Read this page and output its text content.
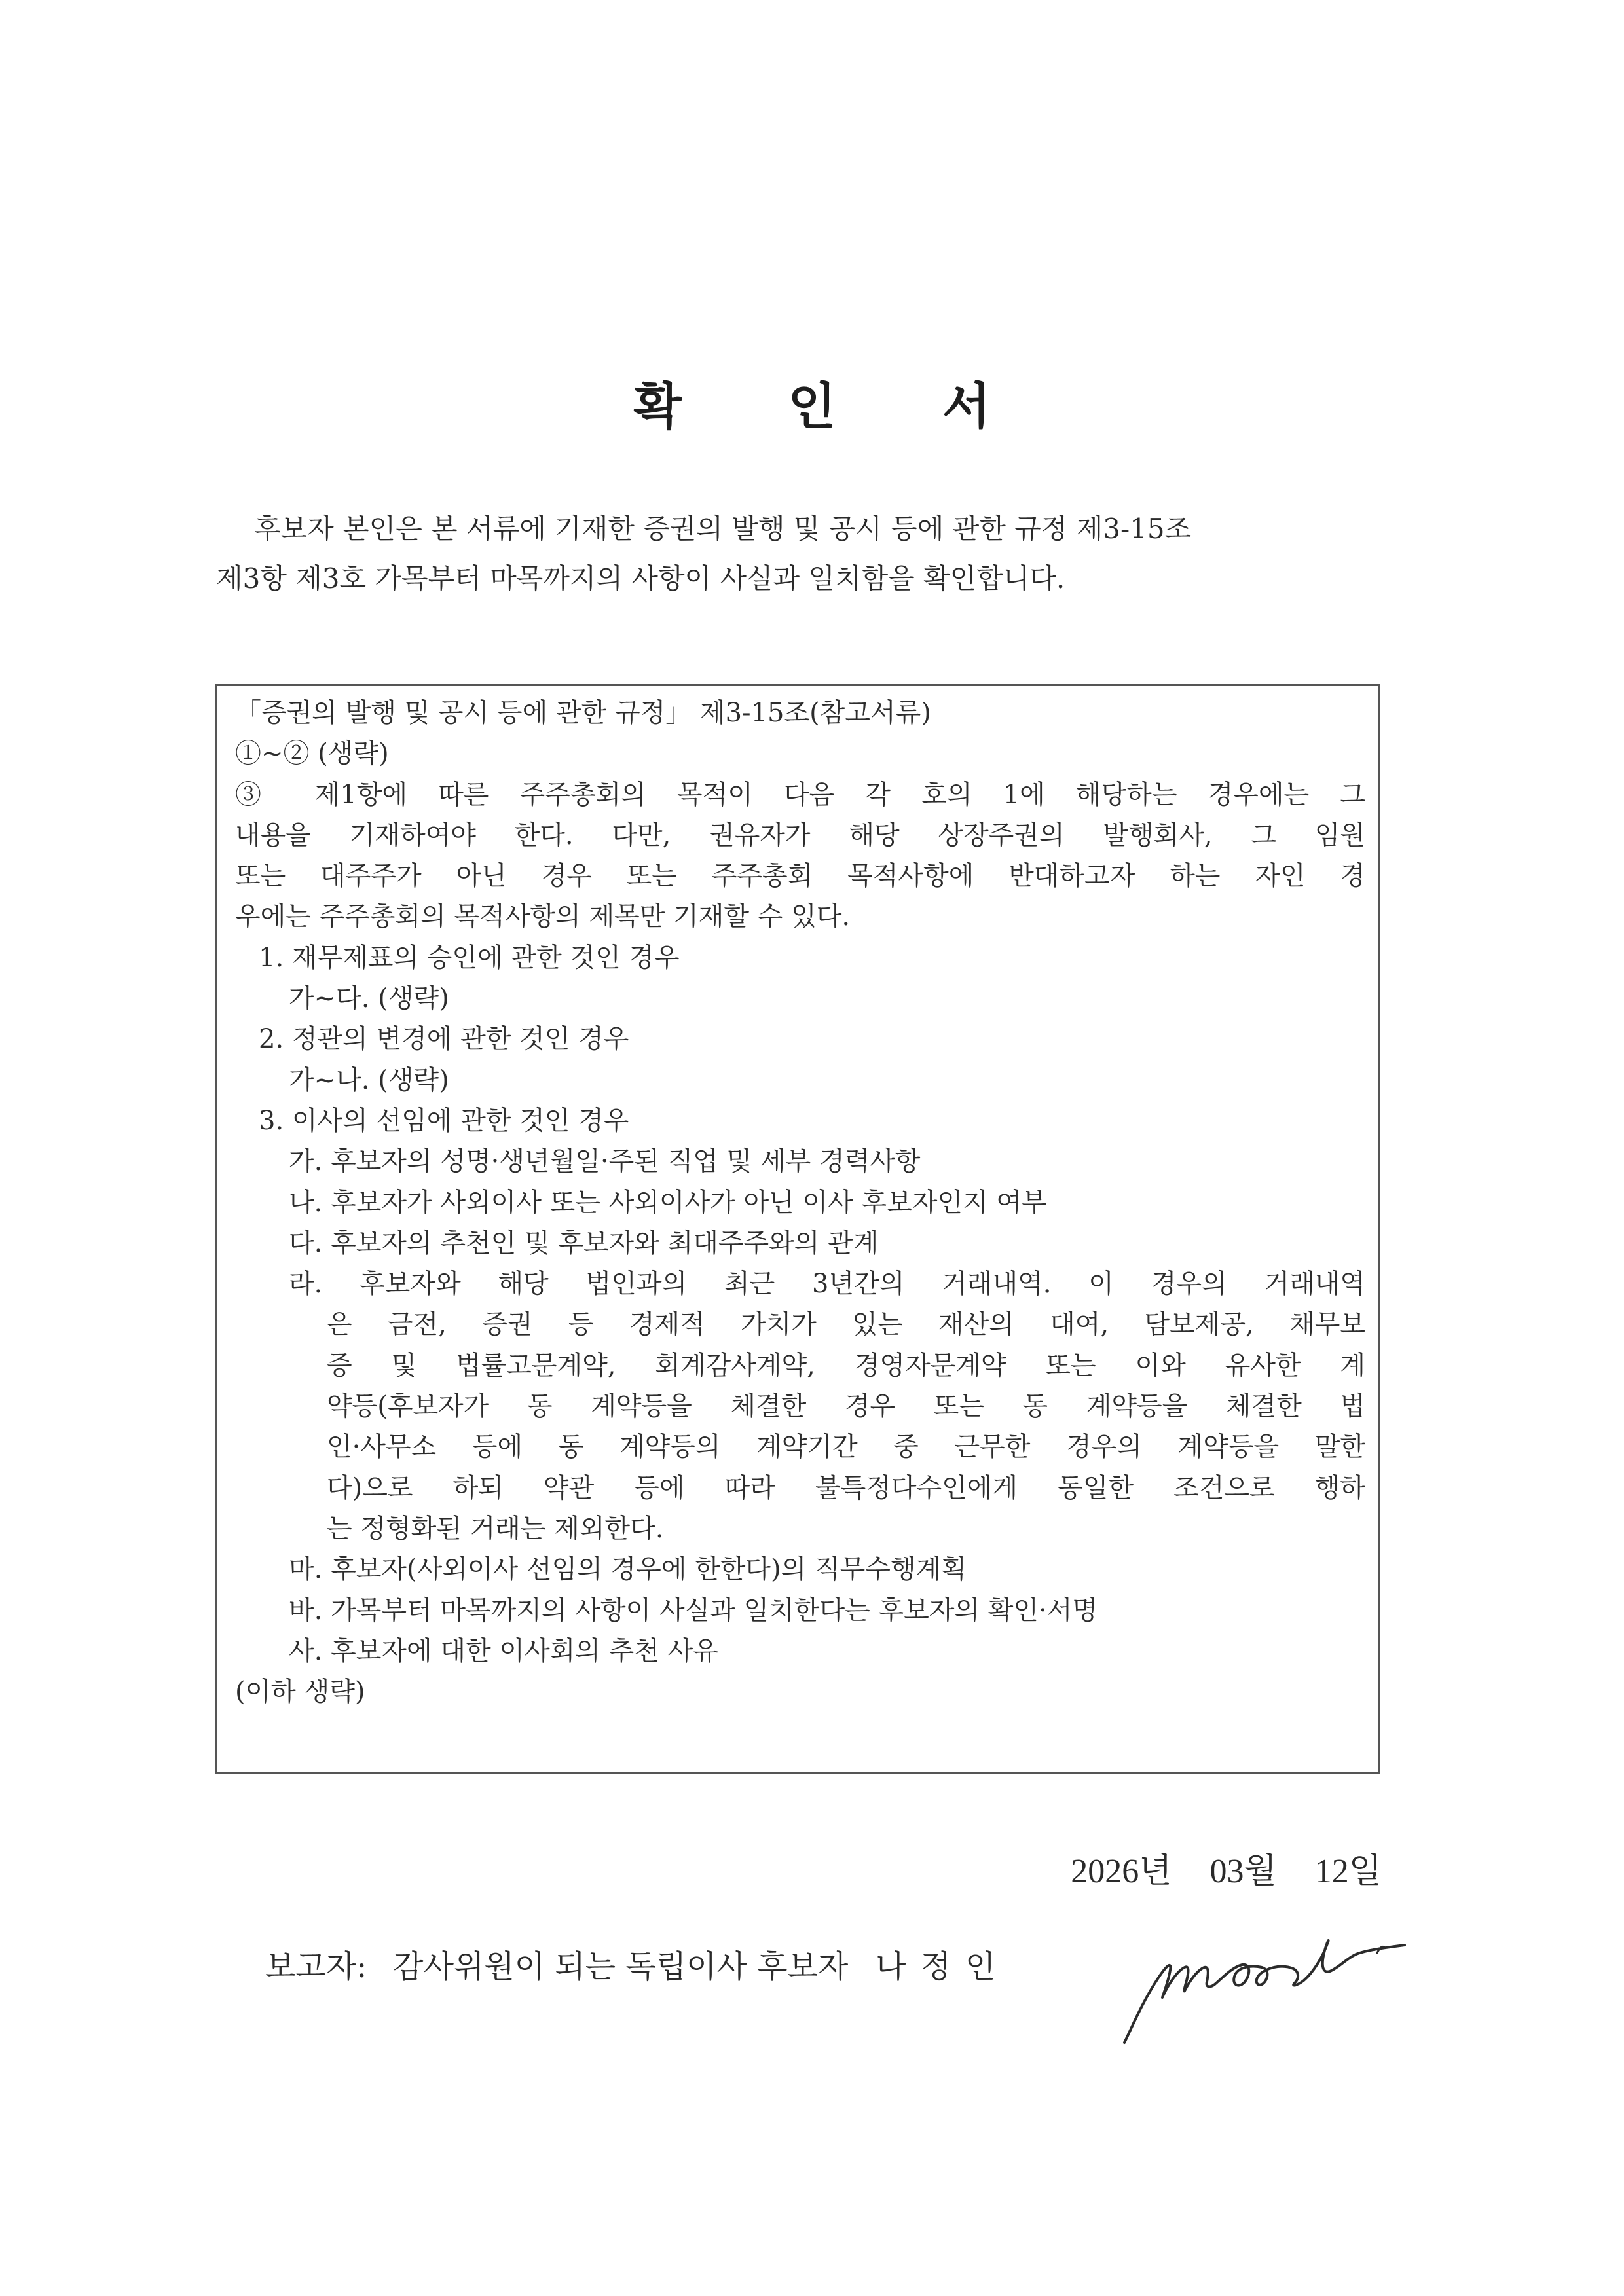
확 인 서

후보자 본인은 본 서류에 기재한 증권의 발행 및 공시 등에 관한 규정 제3-15조

제3항 제3호 가목부터 마목까지의 사항이 사실과 일치함을 확인합니다.

「증권의 발행 및 공시 등에 관한 규정」 제3-15조(참고서류)
①~② (생략)
③ 제1항에 따른 주주총회의 목적이 다음 각 호의 1에 해당하는 경우에는 그
내용을 기재하여야 한다. 다만, 권유자가 해당 상장주권의 발행회사, 그 임원
또는 대주주가 아닌 경우 또는 주주총회 목적사항에 반대하고자 하는 자인 경
우에는 주주총회의 목적사항의 제목만 기재할 수 있다.
1. 재무제표의 승인에 관한 것인 경우
가~다. (생략)
2. 정관의 변경에 관한 것인 경우
가~나. (생략)
3. 이사의 선임에 관한 것인 경우
가. 후보자의 성명·생년월일·주된 직업 및 세부 경력사항
나. 후보자가 사외이사 또는 사외이사가 아닌 이사 후보자인지 여부
다. 후보자의 추천인 및 후보자와 최대주주와의 관계
라. 후보자와 해당 법인과의 최근 3년간의 거래내역. 이 경우의 거래내역
은 금전, 증권 등 경제적 가치가 있는 재산의 대여, 담보제공, 채무보
증 및 법률고문계약, 회계감사계약, 경영자문계약 또는 이와 유사한 계
약등(후보자가 동 계약등을 체결한 경우 또는 동 계약등을 체결한 법
인·사무소 등에 동 계약등의 계약기간 중 근무한 경우의 계약등을 말한
다)으로 하되 약관 등에 따라 불특정다수인에게 동일한 조건으로 행하
는 정형화된 거래는 제외한다.
마. 후보자(사외이사 선임의 경우에 한한다)의 직무수행계획
바. 가목부터 마목까지의 사항이 사실과 일치한다는 후보자의 확인·서명
사. 후보자에 대한 이사회의 추천 사유
(이하 생략)
2026년 03월 12일
보고자: 감사위원이 되는 독립이사 후보자 나정인
